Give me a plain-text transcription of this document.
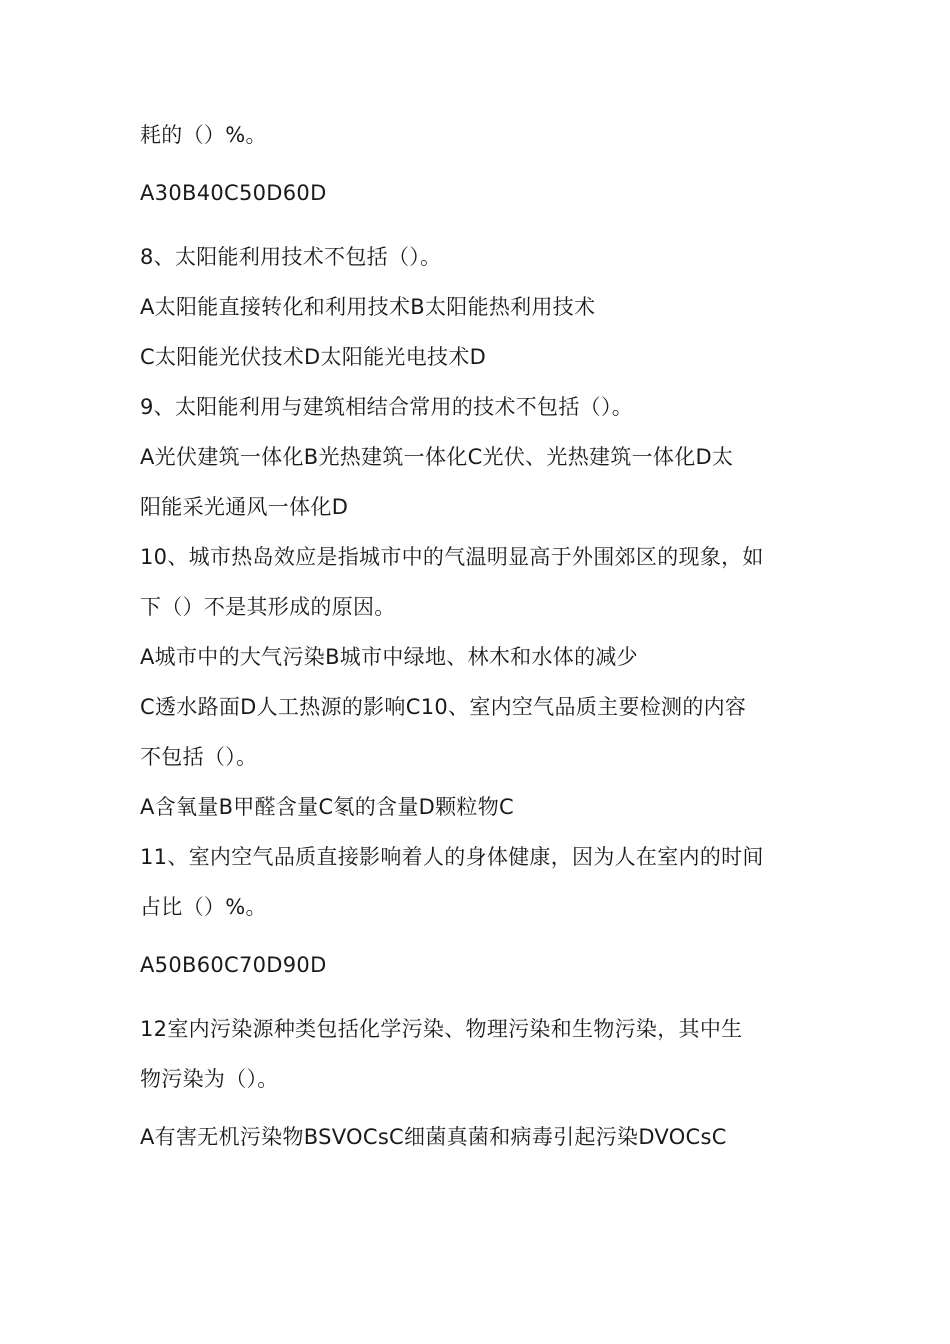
耗的（）%。
A30B40C50D60D
8、太阳能利用技术不包括（）。
A太阳能直接转化和利用技术B太阳能热利用技术
C太阳能光伏技术D太阳能光电技术D
9、太阳能利用与建筑相结合常用的技术不包括（）。
A光伏建筑一体化B光热建筑一体化C光伏、光热建筑一体化D太
阳能采光通风一体化D
10、城市热岛效应是指城市中的气温明显高于外围郊区的现象，如
下（）不是其形成的原因。
A城市中的大气污染B城市中绿地、林木和水体的减少
C透水路面D人工热源的影响C10、室内空气品质主要检测的内容
不包括（）。
A含氧量B甲醛含量C氡的含量D颗粒物C
11、室内空气品质直接影响着人的身体健康，因为人在室内的时间
占比（）%。
A50B60C70D90D
12室内污染源种类包括化学污染、物理污染和生物污染，其中生
物污染为（）。
A有害无机污染物BSVOCsC细菌真菌和病毒引起污染DVOCsC
